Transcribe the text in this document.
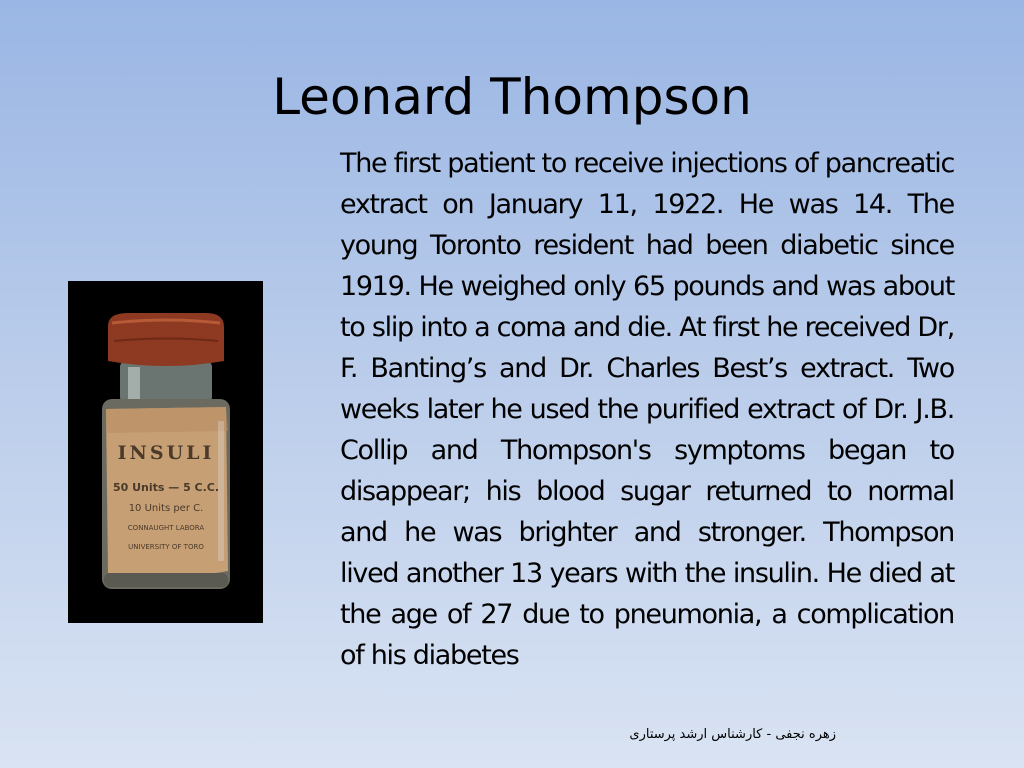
Leonard Thompson
INSULI
50 Units — 5 C.C.
10 Units per C.
CONNAUGHT LABORA
UNIVERSITY OF TORO
The first patient to receive injections of pancreatic extract on January 11, 1922. He was 14. The young Toronto resident had been diabetic since 1919. He weighed only 65 pounds and was about to slip into a coma and die. At first he received Dr, F. Banting’s and Dr. Charles Best’s extract. Two weeks later he used the purified extract of Dr. J.B. Collip and Thompson's symptoms began to disappear; his blood sugar returned to normal and he was brighter and stronger. Thompson lived another 13 years with the insulin. He died at the age of 27 due to pneumonia, a complication of his diabetes
زهره نجفی - کارشناس ارشد پرستاری
